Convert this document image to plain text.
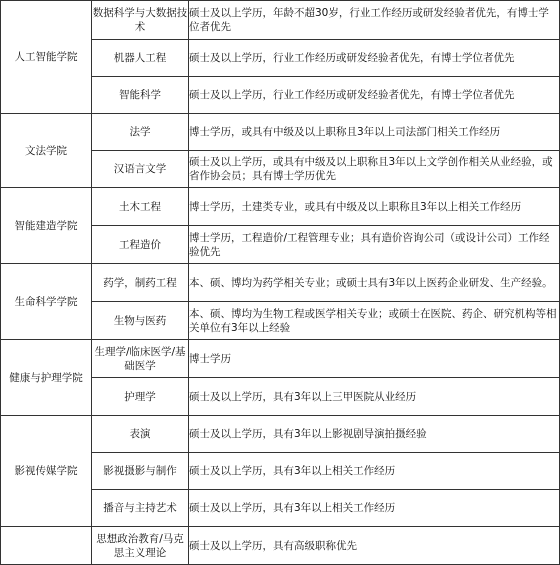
人工智能学院	数据科学与大数据技术	硕士及以上学历，年龄不超30岁，行业工作经历或研发经验者优先，有博士学位者优先
	机器人工程	硕士及以上学历，行业工作经历或研发经验者优先，有博士学位者优先
	智能科学	硕士及以上学历，行业工作经历或研发经验者优先，有博士学位者优先
文法学院	法学	博士学历，或具有中级及以上职称且3年以上司法部门相关工作经历
	汉语言文学	硕士及以上学历，或具有中级及以上职称且3年以上文学创作相关从业经验，或省作协会员；具有博士学历优先
智能建造学院	土木工程	博士学历，土建类专业，或具有中级及以上职称且3年以上相关工作经历
	工程造价	博士学历，工程造价/工程管理专业；具有造价咨询公司（或设计公司）工作经验优先
生命科学学院	药学，制药工程	本、硕、博均为药学相关专业；或硕士具有3年以上医药企业研发、生产经验。
	生物与医药	本、硕、博均为生物工程或医学相关专业；或硕士在医院、药企、研究机构等相关单位有3年以上经验
健康与护理学院	生理学/临床医学/基础医学	博士学历
	护理学	硕士及以上学历，具有3年以上三甲医院从业经历
影视传媒学院	表演	硕士及以上学历，具有3年以上影视剧导演拍摄经验
	影视摄影与制作	硕士及以上学历，具有3年以上相关工作经历
	播音与主持艺术	硕士及以上学历，具有3年以上相关工作经历
	思想政治教育/马克思主义理论	硕士及以上学历，具有高级职称优先
